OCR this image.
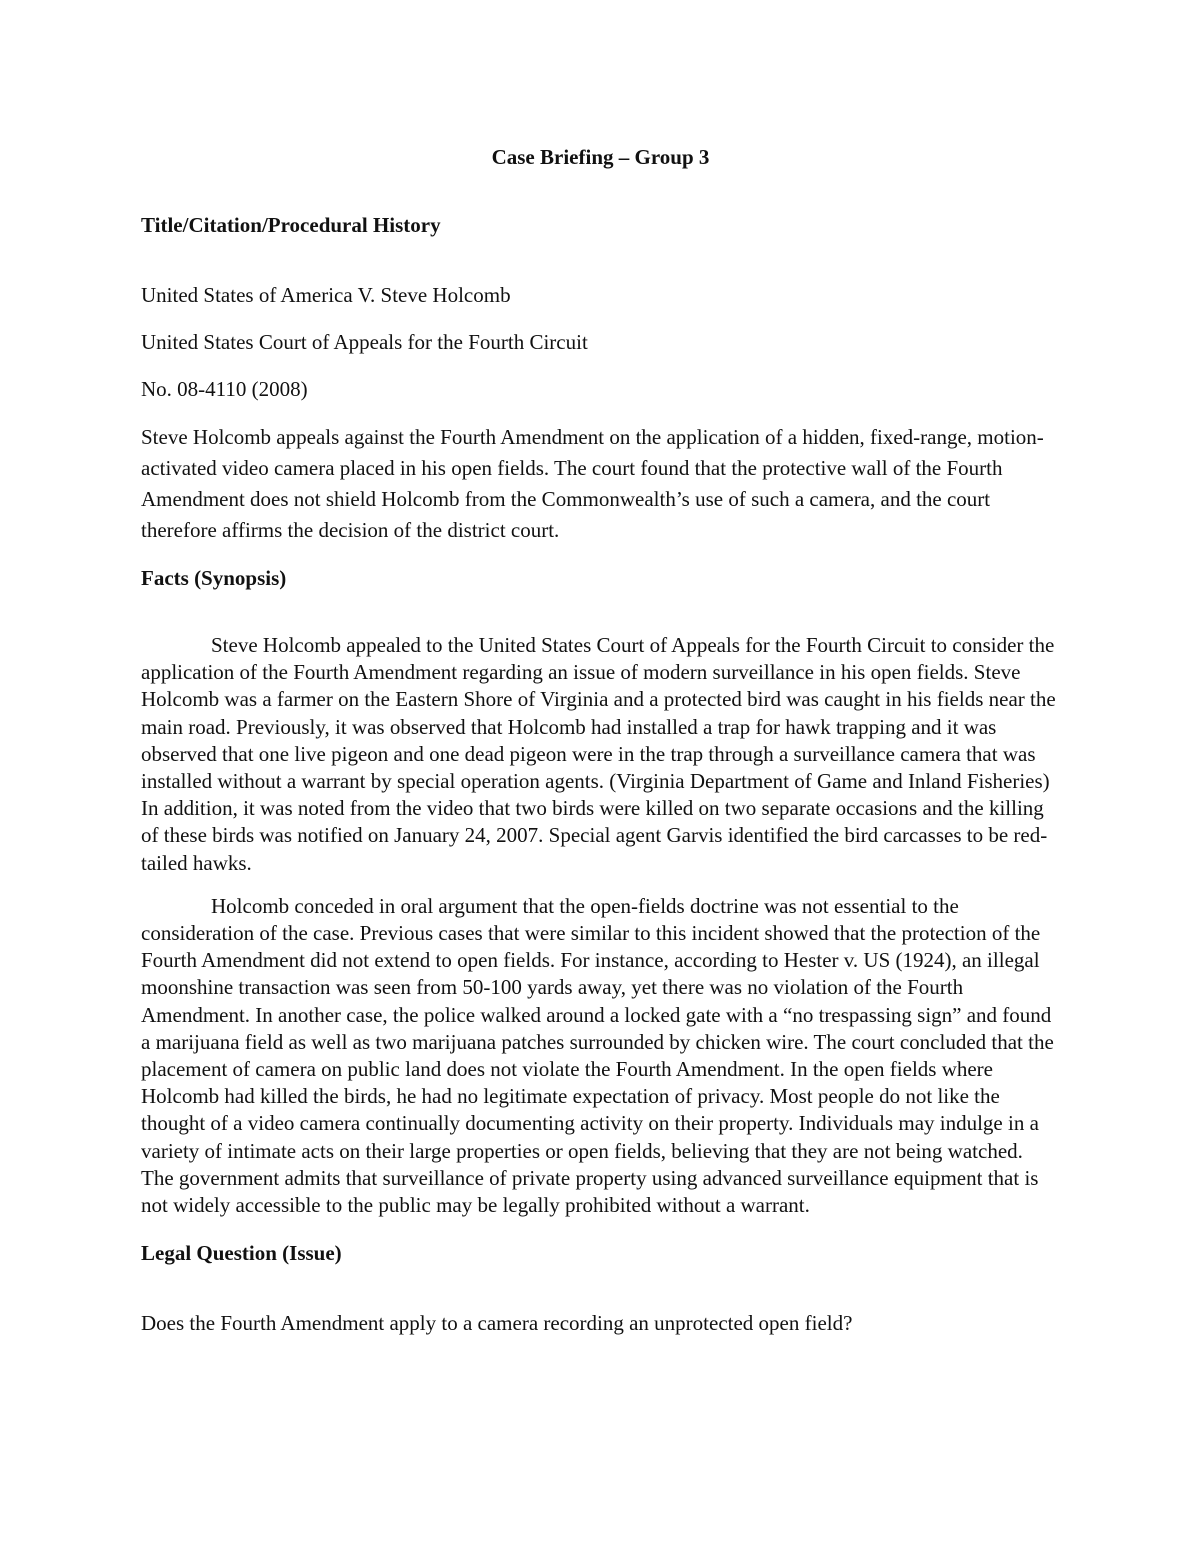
Case Briefing – Group 3
Title/Citation/Procedural History

United States of America V. Steve Holcomb

United States Court of Appeals for the Fourth Circuit

No. 08-4110 (2008)

Steve Holcomb appeals against the Fourth Amendment on the application of a hidden, fixed-range, motion-activated video camera placed in his open fields. The court found that the protective wall of the Fourth Amendment does not shield Holcomb from the Commonwealth’s use of such a camera, and the court therefore affirms the decision of the district court.

Facts (Synopsis)

Steve Holcomb appealed to the United States Court of Appeals for the Fourth Circuit to consider the application of the Fourth Amendment regarding an issue of modern surveillance in his open fields. Steve Holcomb was a farmer on the Eastern Shore of Virginia and a protected bird was caught in his fields near the main road. Previously, it was observed that Holcomb had installed a trap for hawk trapping and it was observed that one live pigeon and one dead pigeon were in the trap through a surveillance camera that was installed without a warrant by special operation agents. (Virginia Department of Game and Inland Fisheries) In addition, it was noted from the video that two birds were killed on two separate occasions and the killing of these birds was notified on January 24, 2007. Special agent Garvis identified the bird carcasses to be red-tailed hawks.

Holcomb conceded in oral argument that the open-fields doctrine was not essential to the consideration of the case. Previous cases that were similar to this incident showed that the protection of the Fourth Amendment did not extend to open fields. For instance, according to Hester v. US (1924), an illegal moonshine transaction was seen from 50-100 yards away, yet there was no violation of the Fourth Amendment. In another case, the police walked around a locked gate with a “no trespassing sign” and found a marijuana field as well as two marijuana patches surrounded by chicken wire. The court concluded that the placement of camera on public land does not violate the Fourth Amendment. In the open fields where Holcomb had killed the birds, he had no legitimate expectation of privacy. Most people do not like the thought of a video camera continually documenting activity on their property. Individuals may indulge in a variety of intimate acts on their large properties or open fields, believing that they are not being watched. The government admits that surveillance of private property using advanced surveillance equipment that is not widely accessible to the public may be legally prohibited without a warrant.

Legal Question (Issue)

Does the Fourth Amendment apply to a camera recording an unprotected open field?
